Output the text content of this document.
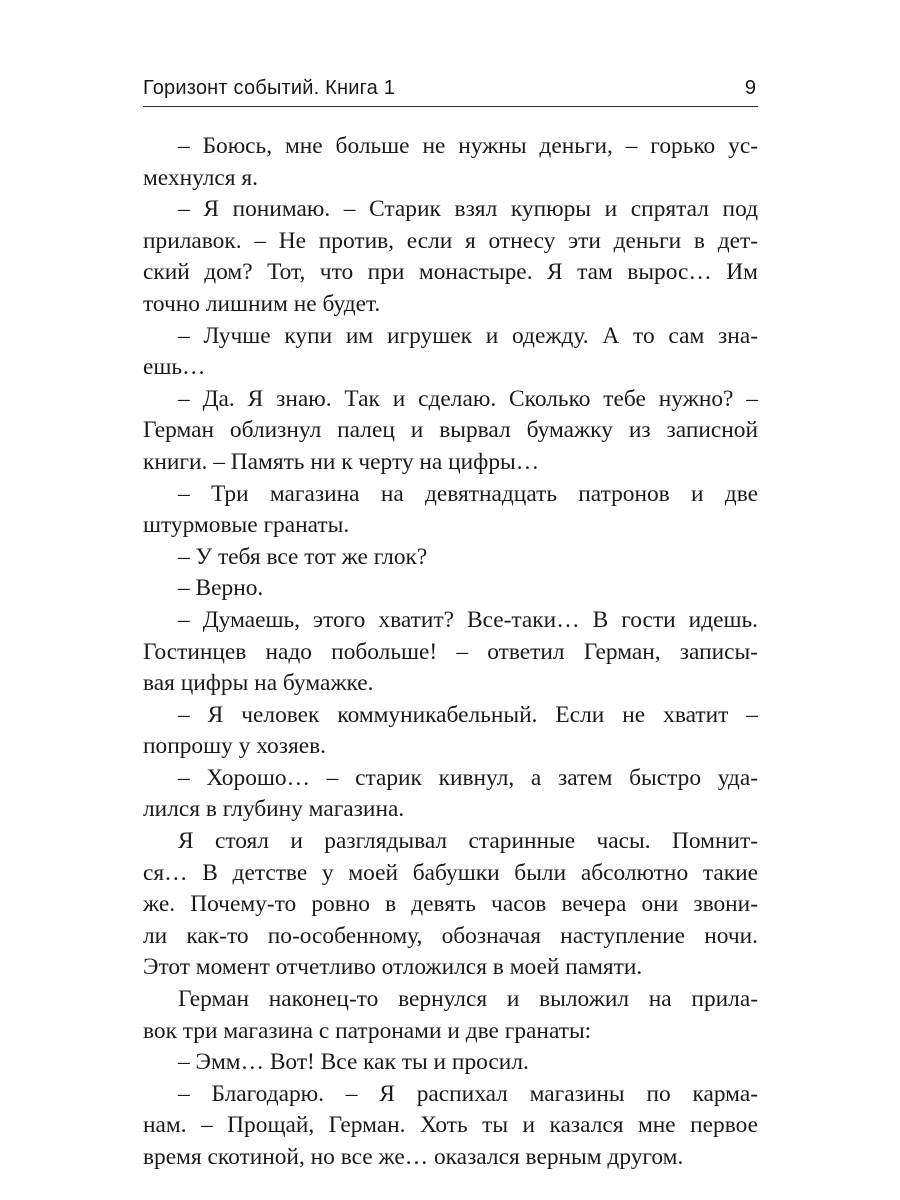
Горизонт событий. Книга 1	9
– Боюсь, мне больше не нужны деньги, – горько ус-
мехнулся я.
– Я понимаю. – Старик взял купюры и спрятал под
прилавок. – Не против, если я отнесу эти деньги в дет-
ский дом? Тот, что при монастыре. Я там вырос… Им
точно лишним не будет.
– Лучше купи им игрушек и одежду. А то сам зна-
ешь…
– Да. Я знаю. Так и сделаю. Сколько тебе нужно? –
Герман облизнул палец и вырвал бумажку из записной
книги. – Память ни к черту на цифры…
– Три магазина на девятнадцать патронов и две
штурмовые гранаты.
– У тебя все тот же глок?
– Верно.
– Думаешь, этого хватит? Все-таки… В гости идешь.
Гостинцев надо побольше! – ответил Герман, записы-
вая цифры на бумажке.
– Я человек коммуникабельный. Если не хватит –
попрошу у хозяев.
– Хорошо… – старик кивнул, а затем быстро уда-
лился в глубину магазина.
Я стоял и разглядывал старинные часы. Помнит-
ся… В детстве у моей бабушки были абсолютно такие
же. Почему-то ровно в девять часов вечера они звони-
ли как-то по-особенному, обозначая наступление ночи.
Этот момент отчетливо отложился в моей памяти.
Герман наконец-то вернулся и выложил на прила-
вок три магазина с патронами и две гранаты:
– Эмм… Вот! Все как ты и просил.
– Благодарю. – Я распихал магазины по карма-
нам. – Прощай, Герман. Хоть ты и казался мне первое
время скотиной, но все же… оказался верным другом.
